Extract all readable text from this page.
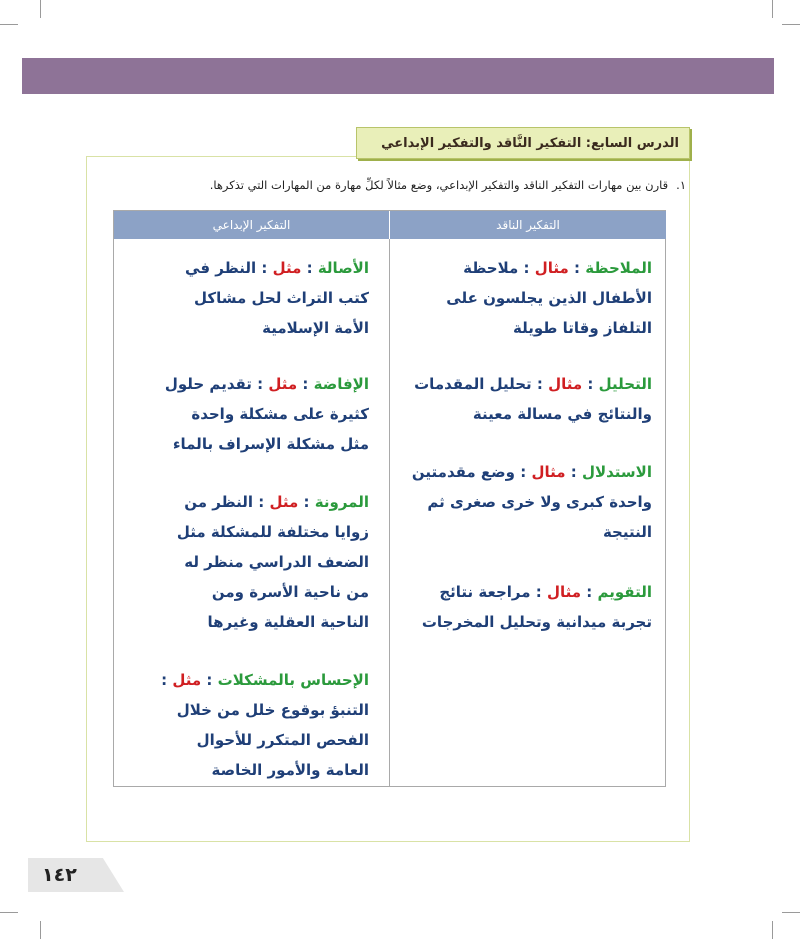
الدرس السابع: التفكير النَّاقد والتفكير الإبداعي
١.قارن بين مهارات التفكير الناقد والتفكير الإبداعي، وضع مثالاً لكلِّ مهارة من المهارات التي تذكرها.
التفكير الناقد
التفكير الإبداعي
الملاحظة : مثال : ملاحظة الأطفال الذين يجلسون على التلفاز وقاتا طويلة
التحليل : مثال : تحليل المقدمات والنتائج في مسالة معينة
الاستدلال : مثال : وضع مقدمتين واحدة كبرى ولا خرى صغرى ثم النتيجة
التقويم : مثال : مراجعة نتائج تجربة ميدانية وتحليل المخرجات
الأصالة : مثل : النظر في كتب التراث لحل مشاكل الأمة الإسلامية
الإفاضة : مثل : تقديم حلول كثيرة على مشكلة واحدة مثل مشكلة الإسراف بالماء
المرونة : مثل : النظر من زوايا مختلفة للمشكلة مثل الضعف الدراسي منظر له من ناحية الأسرة ومن الناحية العقلية وغيرها
الإحساس بالمشكلات : مثل : التنبؤ بوقوع خلل من خلال الفحص المتكرر للأحوال العامة والأمور الخاصة
١٤٢
